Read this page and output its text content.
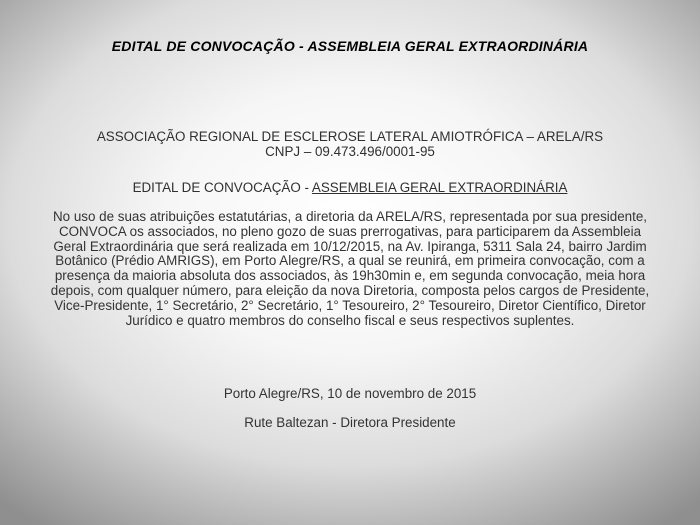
EDITAL DE CONVOCAÇÃO - ASSEMBLEIA GERAL EXTRAORDINÁRIA
ASSOCIAÇÃO REGIONAL DE ESCLEROSE LATERAL AMIOTRÓFICA – ARELA/RS
CNPJ – 09.473.496/0001-95
EDITAL DE CONVOCAÇÃO - ASSEMBLEIA GERAL EXTRAORDINÁRIA
No uso de suas atribuições estatutárias, a diretoria da ARELA/RS, representada por sua presidente, CONVOCA os associados, no pleno gozo de suas prerrogativas, para participarem da Assembleia Geral Extraordinária que será realizada em 10/12/2015, na Av. Ipiranga, 5311 Sala 24, bairro Jardim Botânico (Prédio AMRIGS), em Porto Alegre/RS, a qual se reunirá, em primeira convocação, com a presença da maioria absoluta dos associados, às 19h30min e, em segunda convocação, meia hora depois, com qualquer número, para eleição da nova Diretoria, composta pelos cargos de Presidente, Vice-Presidente, 1° Secretário, 2° Secretário, 1° Tesoureiro, 2° Tesoureiro, Diretor Científico, Diretor Jurídico e quatro membros do conselho fiscal e seus respectivos suplentes.
Porto Alegre/RS, 10 de novembro de 2015
Rute Baltezan - Diretora Presidente
